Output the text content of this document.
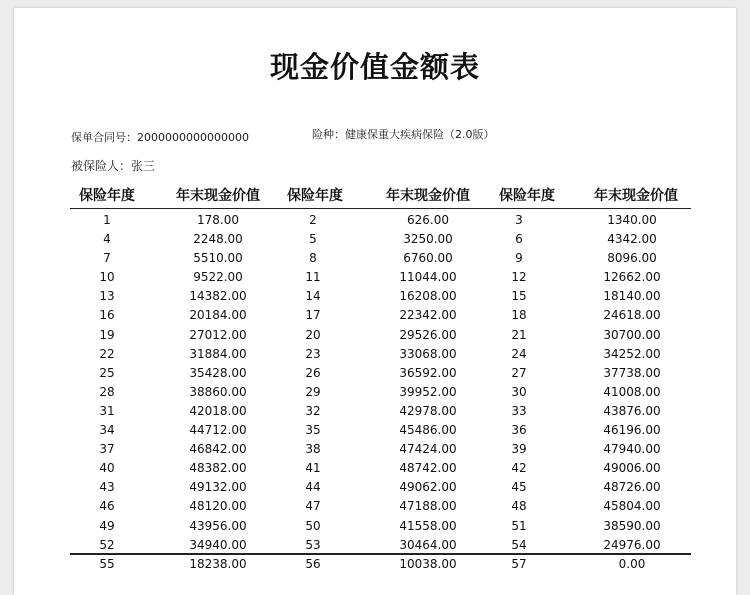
现金价值金额表
保单合同号：2000000000000000	险种：健康保重大疾病保险（2.0版）
被保险人：张三
保险年度	年末现金价值	保险年度	年末现金价值	保险年度	年末现金价值
1	178.00	2	626.00	3	1340.00
4	2248.00	5	3250.00	6	4342.00
7	5510.00	8	6760.00	9	8096.00
10	9522.00	11	11044.00	12	12662.00
13	14382.00	14	16208.00	15	18140.00
16	20184.00	17	22342.00	18	24618.00
19	27012.00	20	29526.00	21	30700.00
22	31884.00	23	33068.00	24	34252.00
25	35428.00	26	36592.00	27	37738.00
28	38860.00	29	39952.00	30	41008.00
31	42018.00	32	42978.00	33	43876.00
34	44712.00	35	45486.00	36	46196.00
37	46842.00	38	47424.00	39	47940.00
40	48382.00	41	48742.00	42	49006.00
43	49132.00	44	49062.00	45	48726.00
46	48120.00	47	47188.00	48	45804.00
49	43956.00	50	41558.00	51	38590.00
52	34940.00	53	30464.00	54	24976.00
55	18238.00	56	10038.00	57	0.00
